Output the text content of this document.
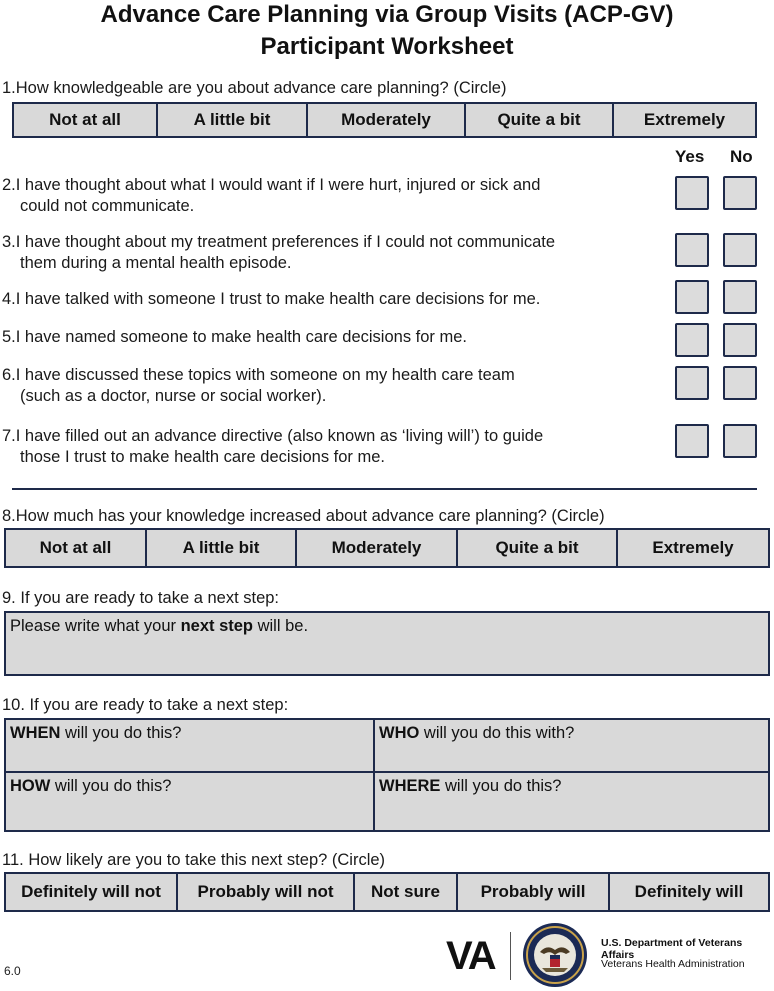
Advance Care Planning via Group Visits (ACP-GV)
Participant Worksheet
1.How knowledgeable are you about advance care planning? (Circle)
Not at all	A little bit	Moderately	Quite a bit	Extremely
Yes No
2.I have thought about what I would want if I were hurt, injured or sick and
could not communicate.
3.I have thought about my treatment preferences if I could not communicate
them during a mental health episode.
4.I have talked with someone I trust to make health care decisions for me.
5.I have named someone to make health care decisions for me.
6.I have discussed these topics with someone on my health care team
(such as a doctor, nurse or social worker).
7.I have filled out an advance directive (also known as ‘living will’) to guide
those I trust to make health care decisions for me.
8.How much has your knowledge increased about advance care planning? (Circle)
Not at all	A little bit	Moderately	Quite a bit	Extremely
9. If you are ready to take a next step:
Please write what your next step will be.
10. If you are ready to take a next step:
WHEN will you do this?	WHO will you do this with?
HOW will you do this?	WHERE will you do this?
11. How likely are you to take this next step? (Circle)
Definitely will not	Probably will not	Not sure	Probably will	Definitely will
6.0	VA	U.S. Department of Veterans Affairs
Veterans Health Administration
